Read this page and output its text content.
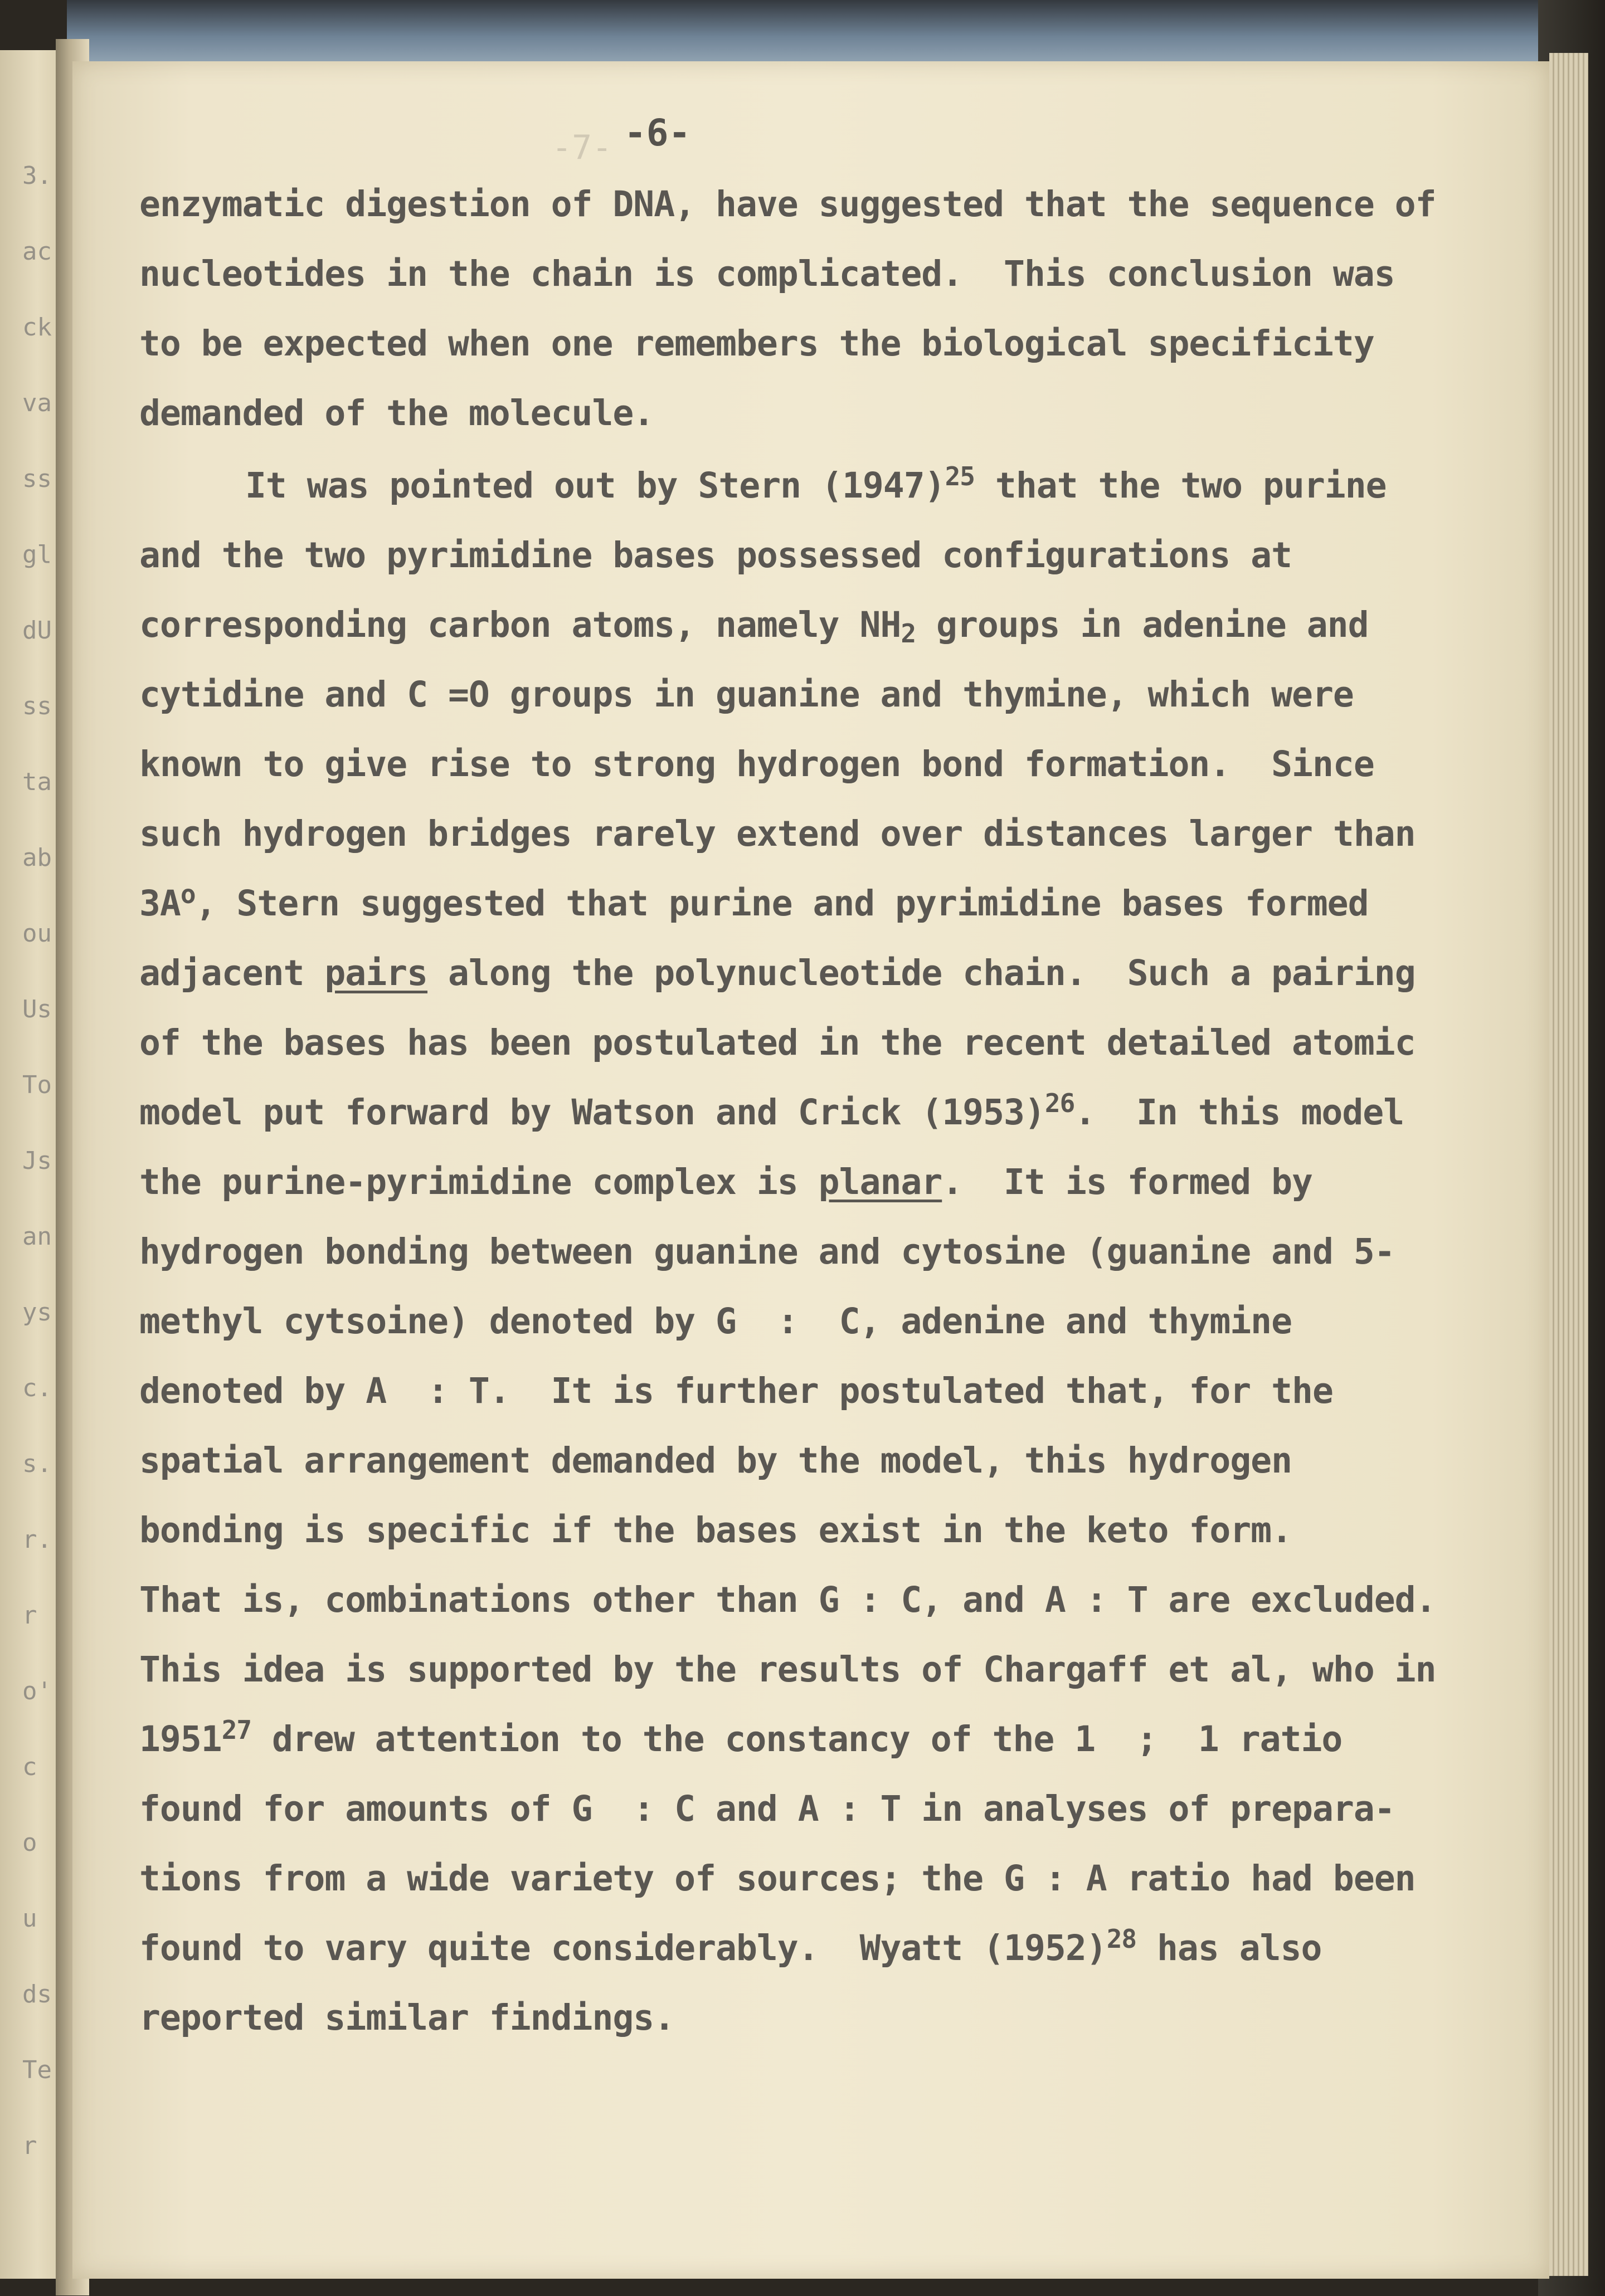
3.
ac
ck
va
ss
gl
dU
ss
ta
ab
ou
Us
To
Js
an
ys
c.
s.
r.
r
o'
c
o
u
ds
Te
r
-7- -6-
enzymatic digestion of DNA, have suggested that the sequence of
nucleotides in the chain is complicated.  This conclusion was
to be expected when one remembers the biological specificity
demanded of the molecule.
It was pointed out by Stern $(1947)^{25}$ that the two purine
and the two pyrimidine bases possessed configurations at
corresponding carbon atoms, namely $NH_2$ groups in adenine and
cytidine and C =O groups in guanine and thymine, which were
known to give rise to strong hydrogen bond formation.  Since
such hydrogen bridges rarely extend over distances larger than
$3A^o$, Stern suggested that purine and pyrimidine bases formed
adjacent pairs along the polynucleotide chain.  Such a pairing
of the bases has been postulated in the recent detailed atomic
model put forward by Watson and Crick $(1953)^{26}$.  In this model
the purine-pyrimidine complex is planar.  It is formed by
hydrogen bonding between guanine and cytosine (guanine and 5-
methyl cytsoine) denoted by G  :  C, adenine and thymine
denoted by A  : T.  It is further postulated that, for the
spatial arrangement demanded by the model, this hydrogen
bonding is specific if the bases exist in the keto form.
That is, combinations other than G : C, and A : T are excluded.
This idea is supported by the results of Chargaff et al, who in
1951$^{27}$ drew attention to the constancy of the 1  ;  1 ratio
found for amounts of G  : C and A : T in analyses of prepara-
tions from a wide variety of sources; the G : A ratio had been
found to vary quite considerably.  Wyatt $(1952)^{28}$ has also
reported similar findings.
